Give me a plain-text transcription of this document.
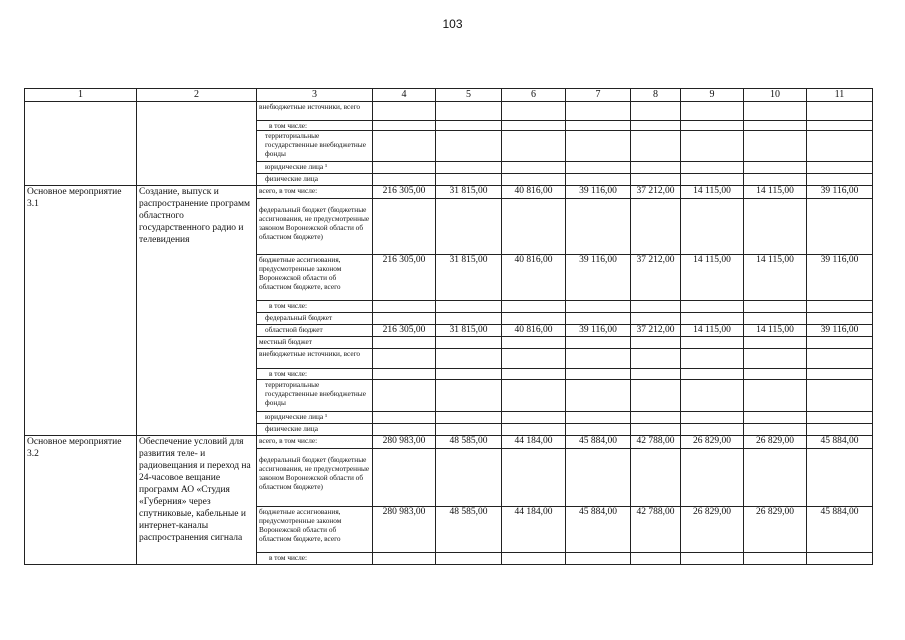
103
1	2	3	4	5	6	7	8	9	10	11

		внебюджетные источники, всего								

		в том числе:								

		территориальные государственные внебюджетные фонды								

		юридические лица ¹								

		физические лица								

Основное мероприятие 3.1	Создание, выпуск и распространение программ областного государственного радио и телевидения	всего, в том числе:	216 305,00	31 815,00	40 816,00	39 116,00	37 212,00	14 115,00	14 115,00	39 116,00

		федеральный бюджет (бюджетные ассигнования, не предусмотренные законом Воронежской области об областном бюджете)								

		бюджетные ассигнования, предусмотренные законом Воронежской области об областном бюджете, всего	216 305,00	31 815,00	40 816,00	39 116,00	37 212,00	14 115,00	14 115,00	39 116,00

		в том числе:								

		федеральный бюджет								

		областной бюджет	216 305,00	31 815,00	40 816,00	39 116,00	37 212,00	14 115,00	14 115,00	39 116,00

		местный бюджет								

		внебюджетные источники, всего								

		в том числе:								

		территориальные государственные внебюджетные фонды								

		юридические лица ¹								

		физические лица								

Основное мероприятие 3.2	Обеспечение условий для развития теле- и радиовещания и переход на 24-часовое вещание программ АО «Студия «Губерния» через спутниковые, кабельные и интернет-каналы распространения сигнала	всего, в том числе:	280 983,00	48 585,00	44 184,00	45 884,00	42 788,00	26 829,00	26 829,00	45 884,00

		федеральный бюджет (бюджетные ассигнования, не предусмотренные законом Воронежской области об областном бюджете)								

		бюджетные ассигнования, предусмотренные законом Воронежской области об областном бюджете, всего	280 983,00	48 585,00	44 184,00	45 884,00	42 788,00	26 829,00	26 829,00	45 884,00

		в том числе:								
